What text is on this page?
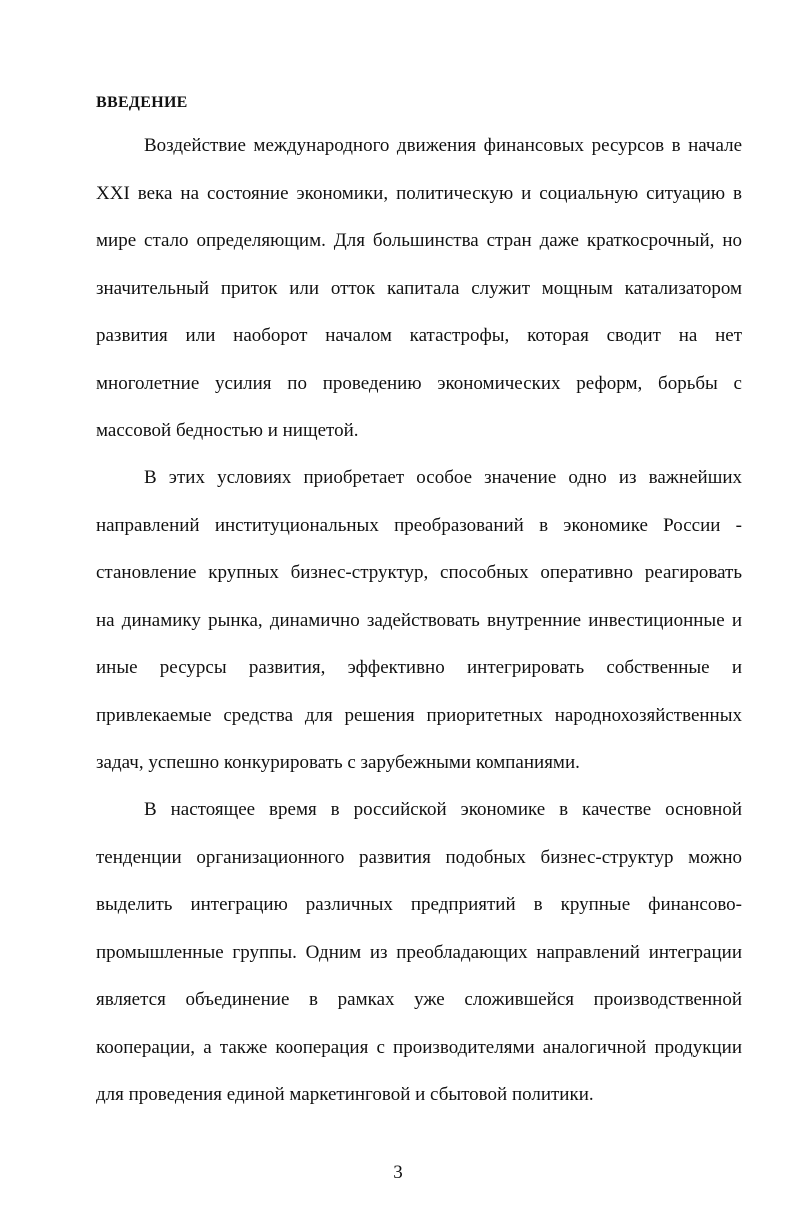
ВВЕДЕНИЕ
Воздействие международного движения финансовых ресурсов в начале
XXI века на состояние экономики, политическую и социальную ситуацию в
мире стало определяющим. Для большинства стран даже краткосрочный, но
значительный приток или отток капитала служит мощным катализатором
развития или наоборот началом катастрофы, которая сводит на нет
многолетние усилия по проведению экономических реформ, борьбы с
массовой бедностью и нищетой.
В этих условиях приобретает особое значение одно из важнейших
направлений институциональных преобразований в экономике России -
становление крупных бизнес-структур, способных оперативно реагировать
на динамику рынка, динамично задействовать внутренние инвестиционные и
иные ресурсы развития, эффективно интегрировать собственные и
привлекаемые средства для решения приоритетных народнохозяйственных
задач, успешно конкурировать с зарубежными компаниями.
В настоящее время в российской экономике в качестве основной
тенденции организационного развития подобных бизнес-структур можно
выделить интеграцию различных предприятий в крупные финансово-
промышленные группы. Одним из преобладающих направлений интеграции
является объединение в рамках уже сложившейся производственной
кооперации, а также кооперация с производителями аналогичной продукции
для проведения единой маркетинговой и сбытовой политики.
3
